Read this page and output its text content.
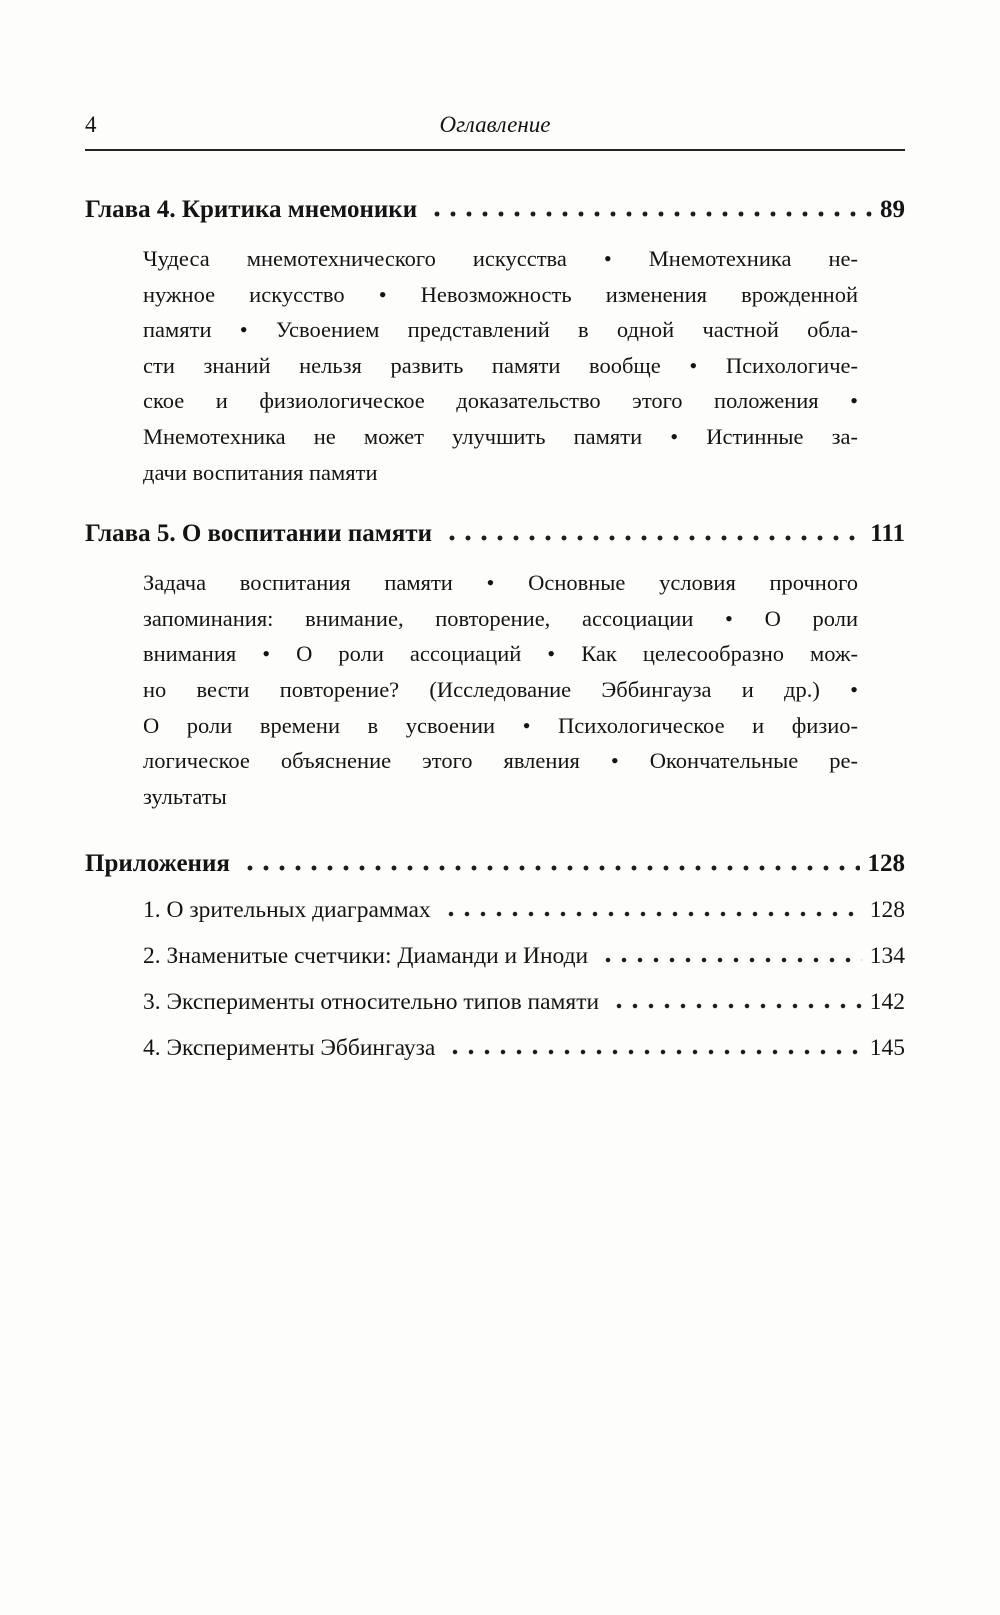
4	Оглавление
Глава 4. Критика мнемоники	89
Чудеса мнемотехнического искусства • Мнемотехника не-
нужное искусство • Невозможность изменения врожденной
памяти • Усвоением представлений в одной частной обла-
сти знаний нельзя развить памяти вообще • Психологиче-
ское и физиологическое доказательство этого положения •
Мнемотехника не может улучшить памяти • Истинные за-
дачи воспитания памяти
Глава 5. О воспитании памяти	111
Задача воспитания памяти • Основные условия прочного
запоминания: внимание, повторение, ассоциации • О роли
внимания • О роли ассоциаций • Как целесообразно мож-
но вести повторение? (Исследование Эббингауза и др.) •
О роли времени в усвоении • Психологическое и физио-
логическое объяснение этого явления • Окончательные ре-
зультаты
Приложения	128
1. О зрительных диаграммах	128
2. Знаменитые счетчики: Диаманди и Иноди	134
3. Эксперименты относительно типов памяти	142
4. Эксперименты Эббингауза	145
